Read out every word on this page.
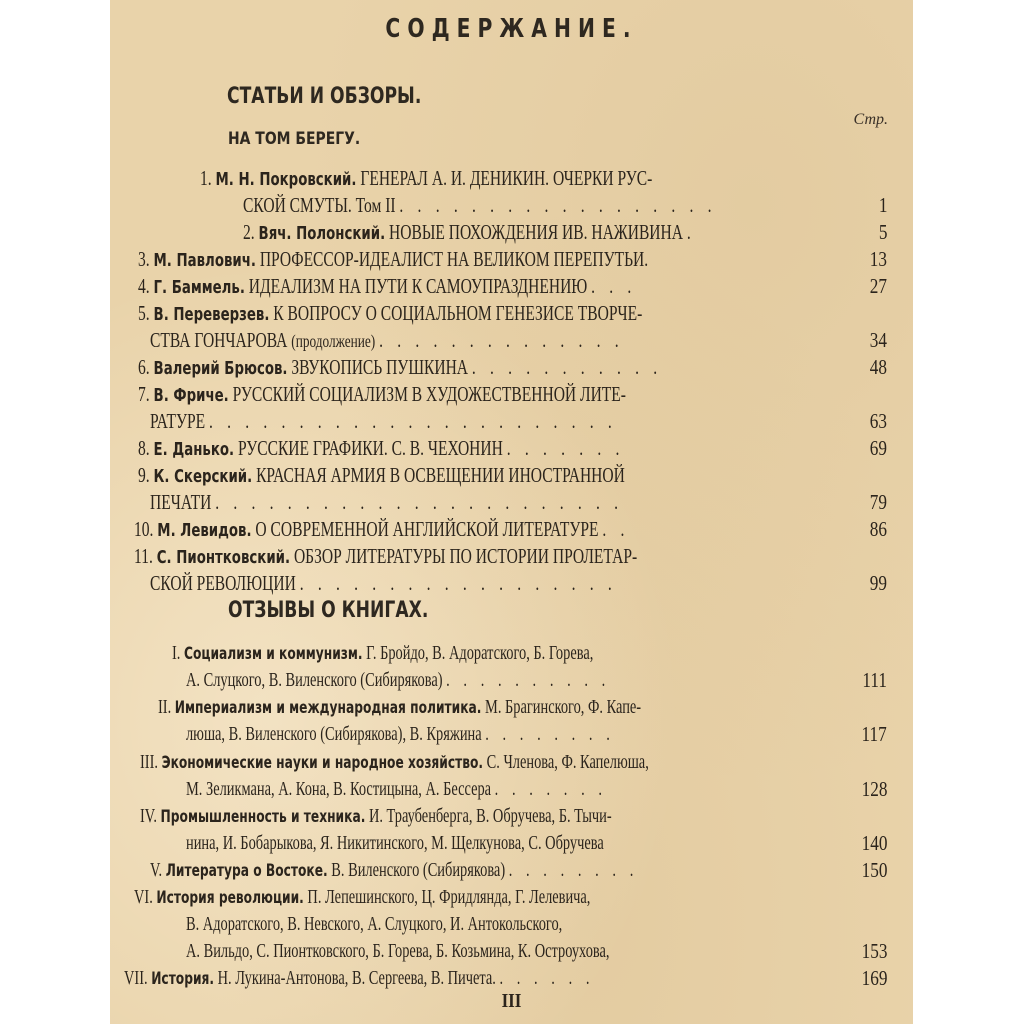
СОДЕРЖАНИЕ.
СТАТЬИ И ОБЗОРЫ.
Стр.
НА ТОМ БЕРЕГУ.
1. М. Н. Покровский. ГЕНЕРАЛ А. И. ДЕНИКИН. ОЧЕРКИ РУС-
СКОЙ СМУТЫ. Том II . . . . . . . . . . . . . . . . . .	1
2. Вяч. Полонский. НОВЫЕ ПОХОЖДЕНИЯ ИВ. НАЖИВИНА .	5
3. М. Павлович. ПРОФЕССОР-ИДЕАЛИСТ НА ВЕЛИКОМ ПЕРЕПУТЬИ.	13
4. Г. Баммель. ИДЕАЛИЗМ НА ПУТИ К САМОУПРАЗДНЕНИЮ . . .	27
5. В. Переверзев. К ВОПРОСУ О СОЦИАЛЬНОМ ГЕНЕЗИСЕ ТВОРЧЕ-
СТВА ГОНЧАРОВА (продолжение) . . . . . . . . . . . . . .	34
6. Валерий Брюсов. ЗВУКОПИСЬ ПУШКИНА . . . . . . . . . . .	48
7. В. Фриче. РУССКИЙ СОЦИАЛИЗМ В ХУДОЖЕСТВЕННОЙ ЛИТЕ-
РАТУРЕ . . . . . . . . . . . . . . . . . . . . . . .	63
8. Е. Данько. РУССКИЕ ГРАФИКИ. С. В. ЧЕХОНИН . . . . . . .	69
9. К. Скерский. КРАСНАЯ АРМИЯ В ОСВЕЩЕНИИ ИНОСТРАННОЙ
ПЕЧАТИ . . . . . . . . . . . . . . . . . . . . . . .	79
10. М. Левидов. О СОВРЕМЕННОЙ АНГЛИЙСКОЙ ЛИТЕРАТУРЕ . .	86
11. С. Пионтковский. ОБЗОР ЛИТЕРАТУРЫ ПО ИСТОРИИ ПРОЛЕТАР-
СКОЙ РЕВОЛЮЦИИ . . . . . . . . . . . . . . . . . .	99
ОТЗЫВЫ О КНИГАХ.
I. Социализм и коммунизм. Г. Бройдо, В. Адоратского, Б. Горева,
А. Слуцкого, В. Виленского (Сибирякова) . . . . . . . . . .	111
II. Империализм и международная политика. М. Брагинского, Ф. Капе-
люша, В. Виленского (Сибирякова), В. Кряжина . . . . . . . .	117
III. Экономические науки и народное хозяйство. С. Членова, Ф. Капелюша,
М. Зеликмана, А. Кона, В. Костицына, А. Бессера . . . . . . .	128
IV. Промышленность и техника. И. Траубенберга, В. Обручева, Б. Тычи-
нина, И. Бобарыкова, Я. Никитинского, М. Щелкунова, С. Обручева	140
V. Литература о Востоке. В. Виленского (Сибирякова) . . . . . . . .	150
VI. История революции. П. Лепешинского, Ц. Фридлянда, Г. Лелевича,
В. Адоратского, В. Невского, А. Слуцкого, И. Антокольского,
А. Вильдо, С. Пионтковского, Б. Горева, Б. Козьмина, К. Остроухова,	153
VII. История. Н. Лукина-Антонова, В. Сергеева, В. Пичета. . . . . . .	169
III
